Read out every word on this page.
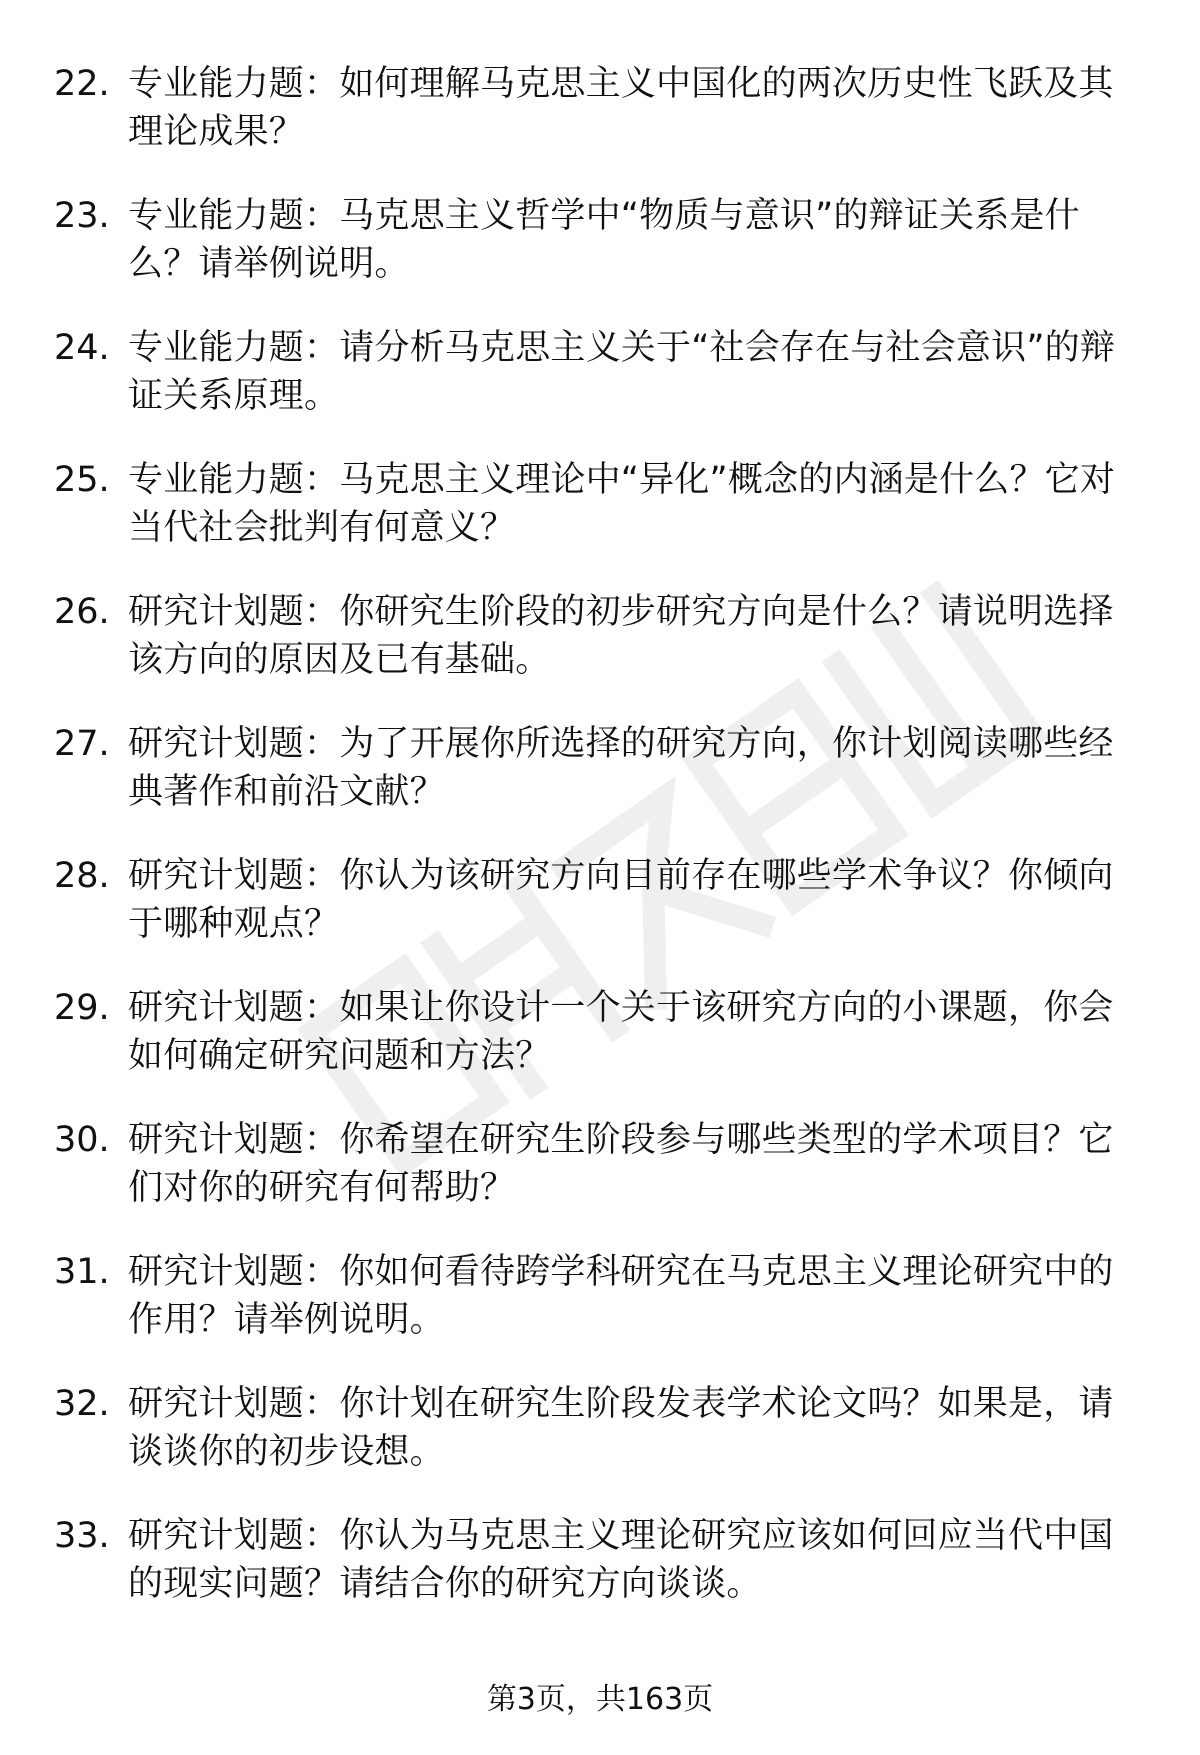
22. 专业能力题：如何理解马克思主义中国化的两次历史性飞跃及其理论成果？
23. 专业能力题：马克思主义哲学中“物质与意识”的辩证关系是什么？请举例说明。
24. 专业能力题：请分析马克思主义关于“社会存在与社会意识”的辩证关系原理。
25. 专业能力题：马克思主义理论中“异化”概念的内涵是什么？它对当代社会批判有何意义？
26. 研究计划题：你研究生阶段的初步研究方向是什么？请说明选择该方向的原因及已有基础。
27. 研究计划题：为了开展你所选择的研究方向，你计划阅读哪些经典著作和前沿文献？
28. 研究计划题：你认为该研究方向目前存在哪些学术争议？你倾向于哪种观点？
29. 研究计划题：如果让你设计一个关于该研究方向的小课题，你会如何确定研究问题和方法？
30. 研究计划题：你希望在研究生阶段参与哪些类型的学术项目？它们对你的研究有何帮助？
31. 研究计划题：你如何看待跨学科研究在马克思主义理论研究中的作用？请举例说明。
32. 研究计划题：你计划在研究生阶段发表学术论文吗？如果是，请谈谈你的初步设想。
33. 研究计划题：你认为马克思主义理论研究应该如何回应当代中国的现实问题？请结合你的研究方向谈谈。
第3页，共163页
